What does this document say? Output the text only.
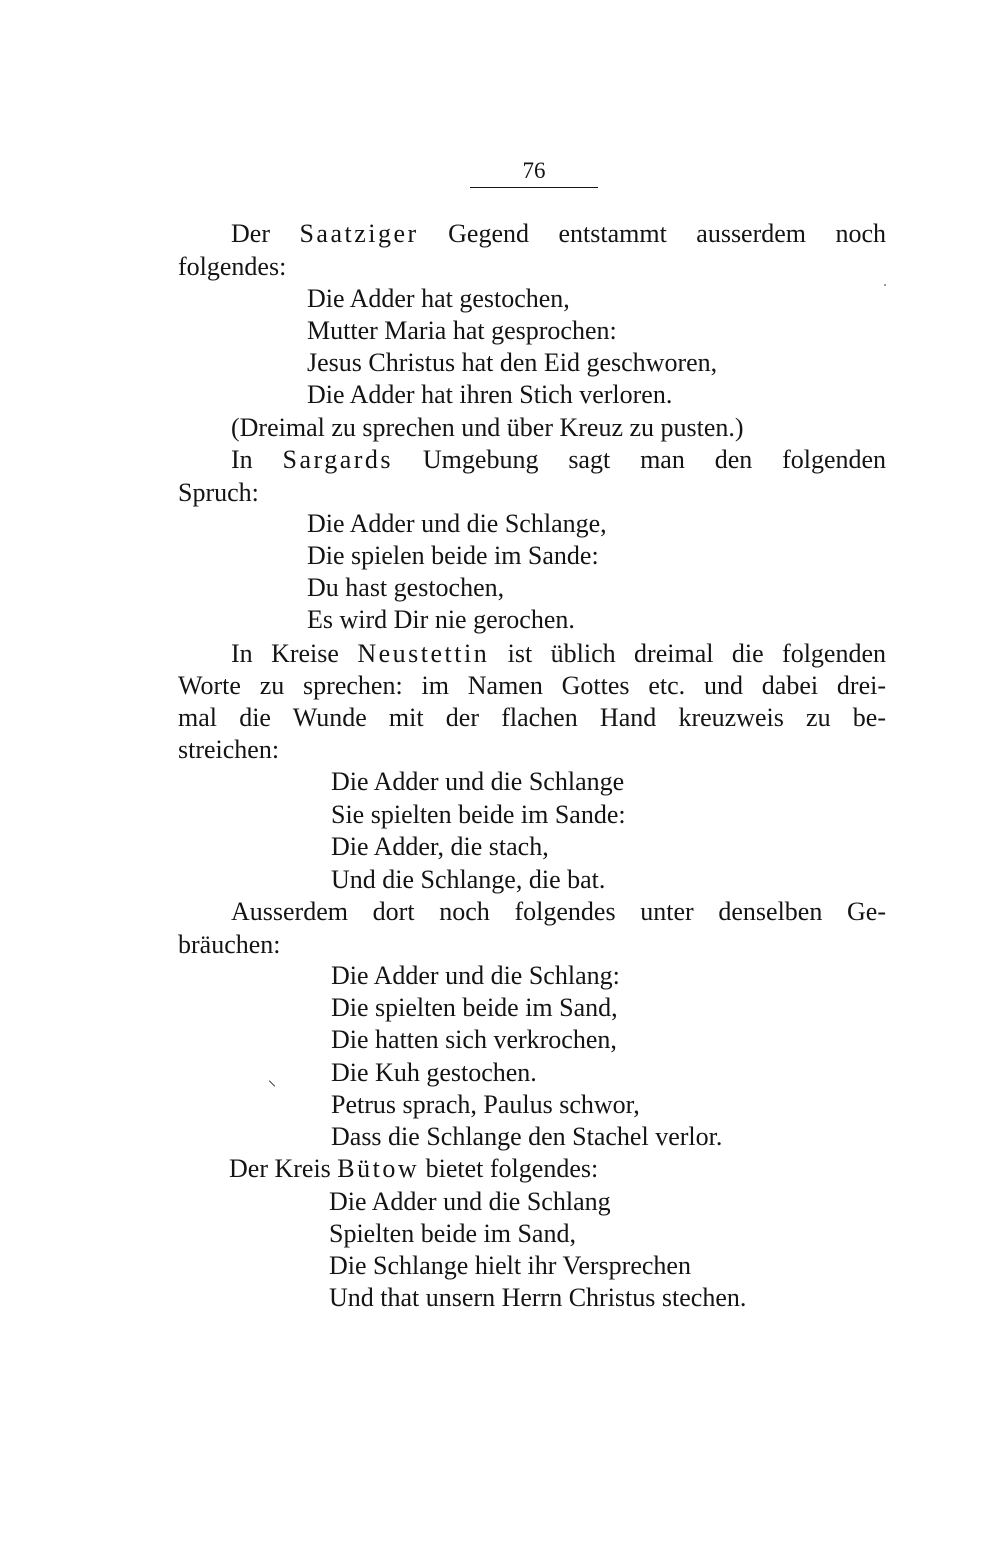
76
Der Saatziger Gegend entstammt ausserdem noch
folgendes:
Die Adder hat gestochen,
Mutter Maria hat gesprochen:
Jesus Christus hat den Eid geschworen,
Die Adder hat ihren Stich verloren.
(Dreimal zu sprechen und über Kreuz zu pusten.)
In Sargards Umgebung sagt man den folgenden
Spruch:
Die Adder und die Schlange,
Die spielen beide im Sande:
Du hast gestochen,
Es wird Dir nie gerochen.
In Kreise Neustettin ist üblich dreimal die folgenden
Worte zu sprechen: im Namen Gottes etc. und dabei drei-
mal die Wunde mit der flachen Hand kreuzweis zu be-
streichen:
Die Adder und die Schlange
Sie spielten beide im Sande:
Die Adder, die stach,
Und die Schlange, die bat.
Ausserdem dort noch folgendes unter denselben Ge-
bräuchen:
Die Adder und die Schlang:
Die spielten beide im Sand,
Die hatten sich verkrochen,
Die Kuh gestochen.
Petrus sprach, Paulus schwor,
Dass die Schlange den Stachel verlor.
Der Kreis Bütow bietet folgendes:
Die Adder und die Schlang
Spielten beide im Sand,
Die Schlange hielt ihr Versprechen
Und that unsern Herrn Christus stechen.
